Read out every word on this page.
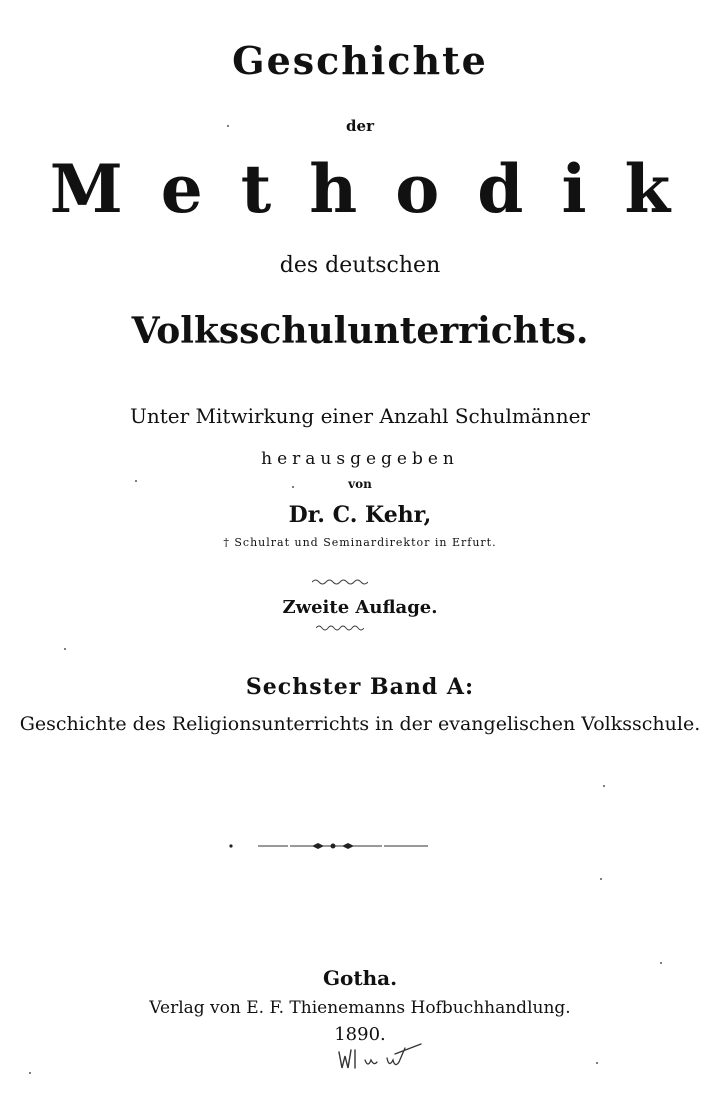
Geschichte
der
Methodik
des deutschen
Volksschulunterrichts.
Unter Mitwirkung einer Anzahl Schulmänner
herausgegeben
von
Dr. C. Kehr,
† Schulrat und Seminardirektor in Erfurt.
Zweite Auflage.
Sechster Band A:
Geschichte des Religionsunterrichts in der evangelischen Volksschule.
Gotha.
Verlag von E. F. Thienemanns Hofbuchhandlung.
1890.
